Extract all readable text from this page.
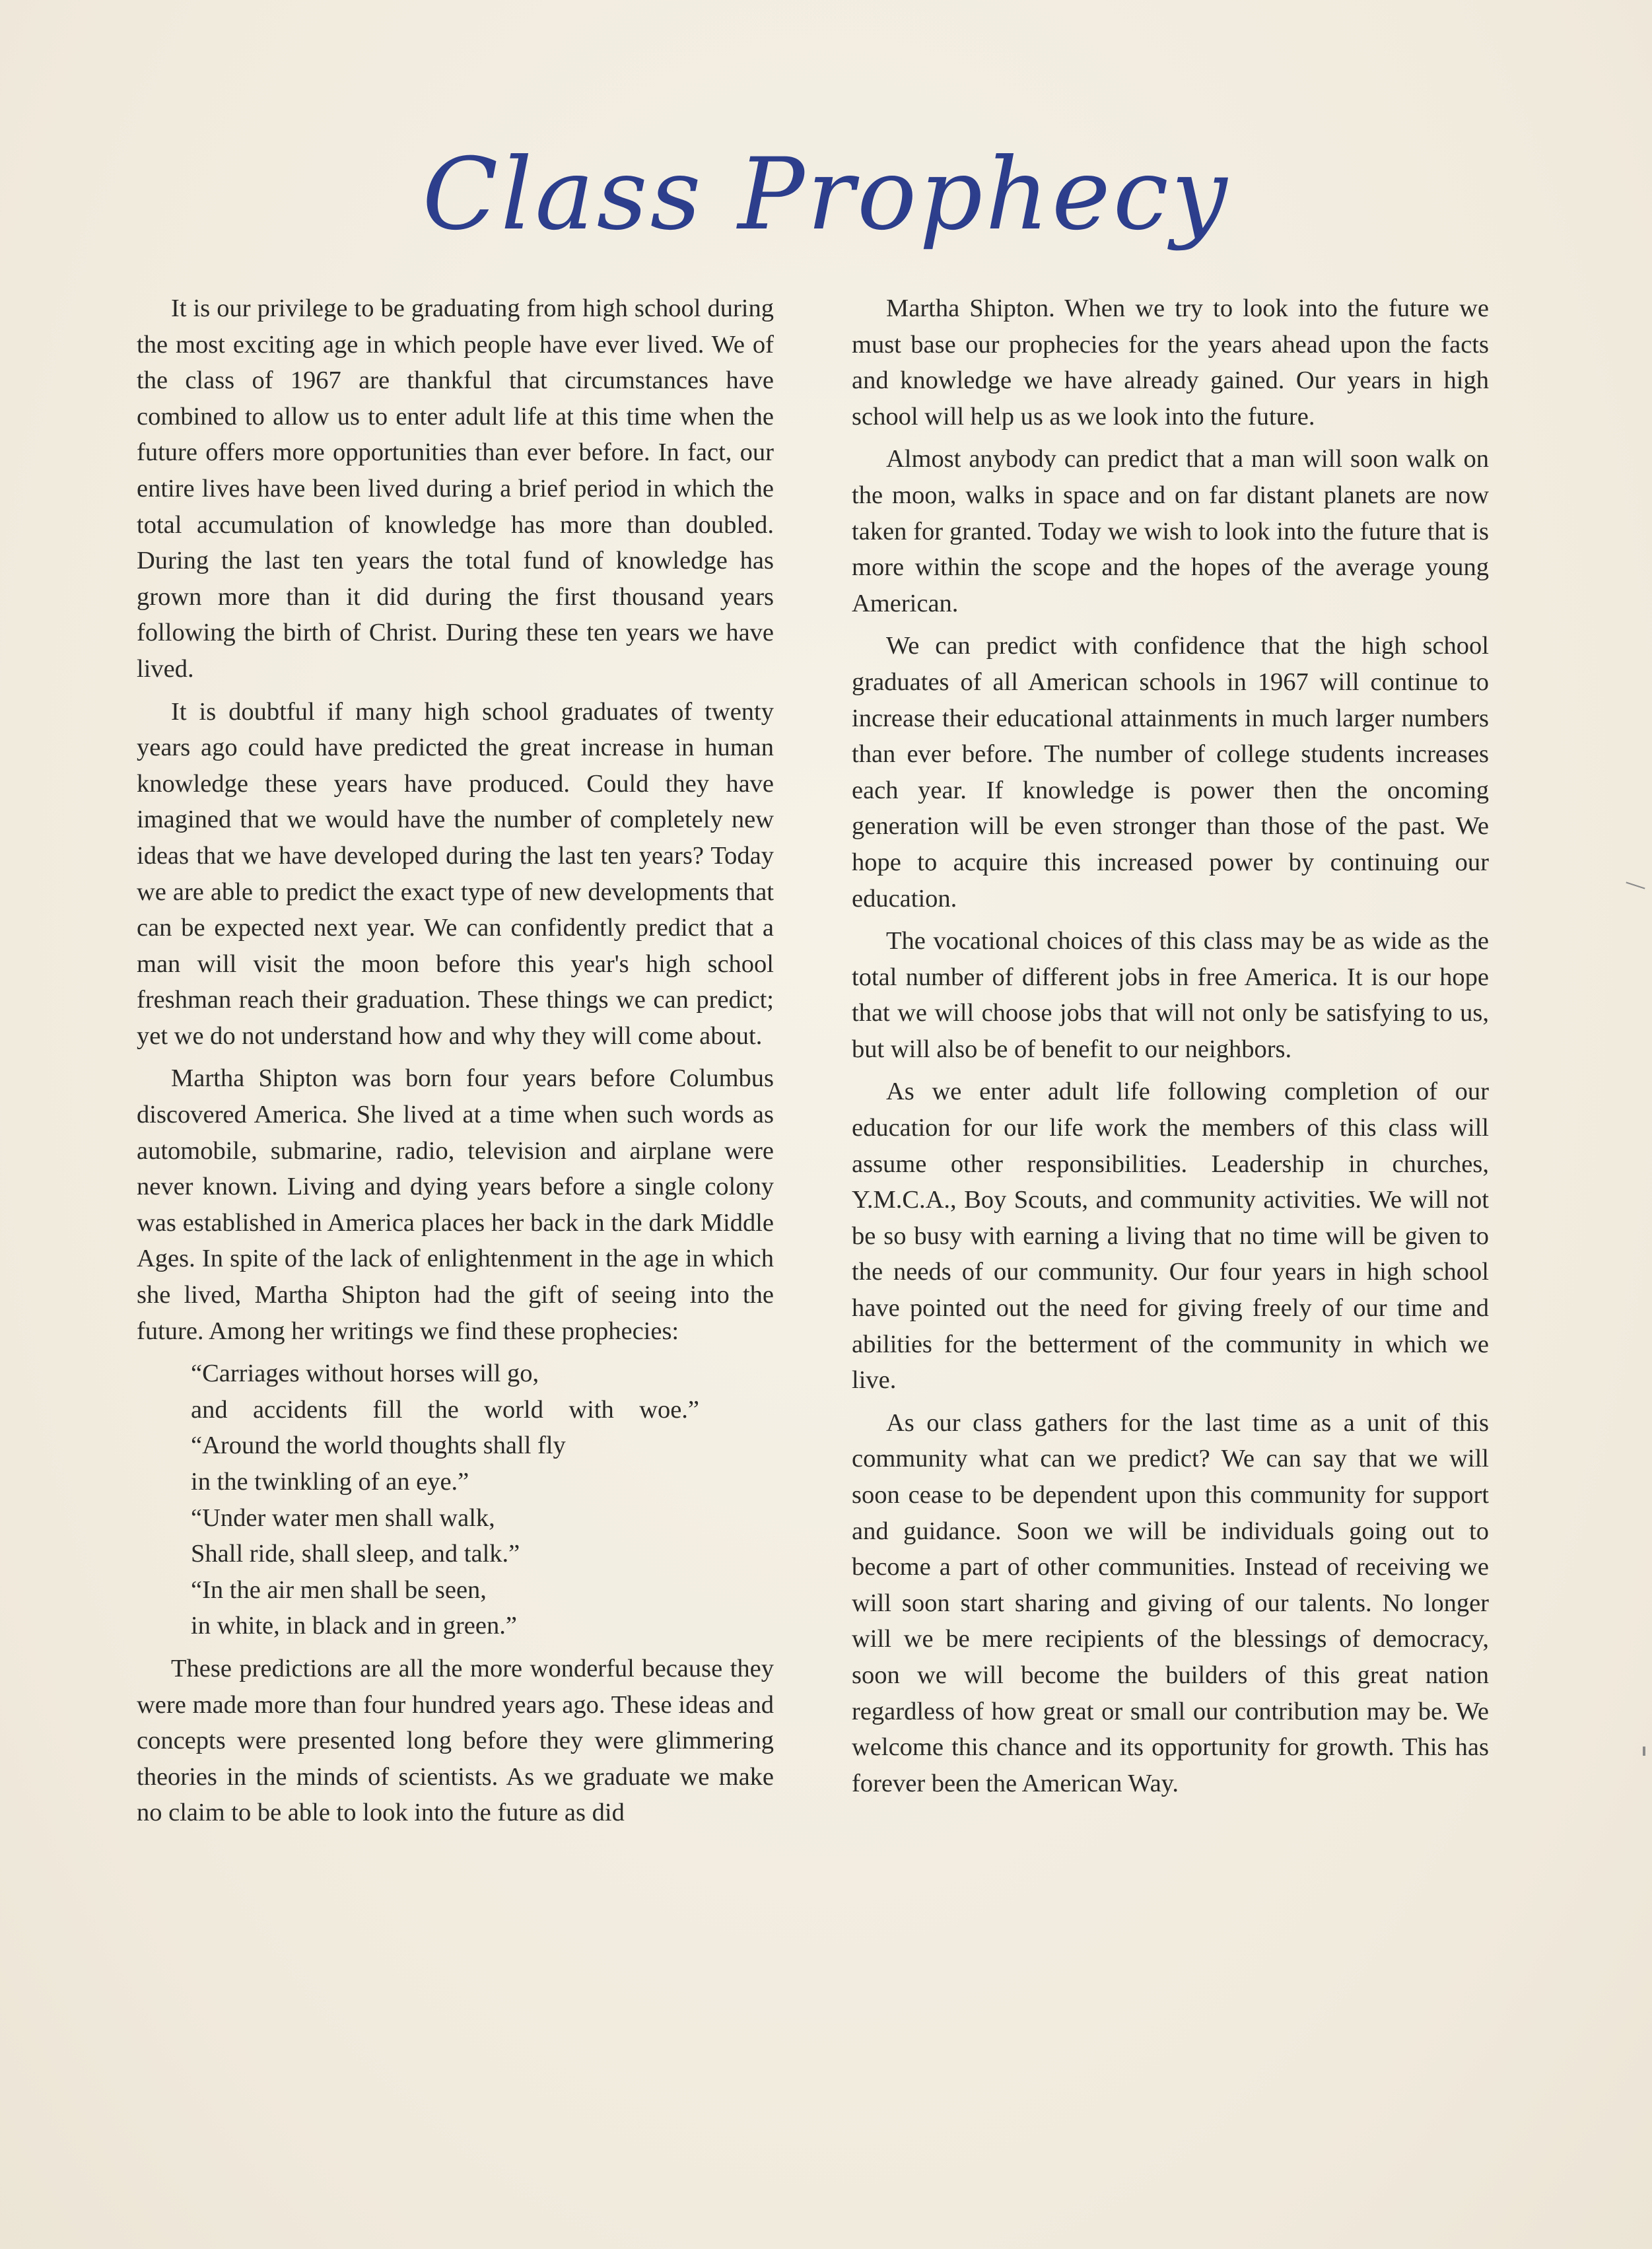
Class Prophecy

It is our privilege to be graduating from high school during the most exciting age in which people have ever lived. We of the class of 1967 are thankful that circumstances have combined to allow us to enter adult life at this time when the future offers more opportunities than ever before. In fact, our entire lives have been lived during a brief period in which the total accumulation of knowledge has more than doubled. During the last ten years the total fund of knowledge has grown more than it did during the first thousand years following the birth of Christ. During these ten years we have lived.

It is doubtful if many high school graduates of twenty years ago could have predicted the great increase in human knowledge these years have produced. Could they have imagined that we would have the number of completely new ideas that we have developed during the last ten years? Today we are able to predict the exact type of new developments that can be expected next year. We can confidently predict that a man will visit the moon before this year's high school freshman reach their graduation. These things we can predict; yet we do not understand how and why they will come about.

Martha Shipton was born four years before Columbus discovered America. She lived at a time when such words as automobile, submarine, radio, television and airplane were never known. Living and dying years before a single colony was established in America places her back in the dark Middle Ages. In spite of the lack of enlightenment in the age in which she lived, Martha Shipton had the gift of seeing into the future. Among her writings we find these prophecies:

“Carriages without horses will go,
and accidents fill the world with woe.”
“Around the world thoughts shall fly
in the twinkling of an eye.”
“Under water men shall walk,
Shall ride, shall sleep, and talk.”
“In the air men shall be seen,
in white, in black and in green.”

These predictions are all the more wonderful because they were made more than four hundred years ago. These ideas and concepts were presented long before they were glimmering theories in the minds of scientists. As we graduate we make no claim to be able to look into the future as did

Martha Shipton. When we try to look into the future we must base our prophecies for the years ahead upon the facts and knowledge we have already gained. Our years in high school will help us as we look into the future.

Almost anybody can predict that a man will soon walk on the moon, walks in space and on far distant planets are now taken for granted. Today we wish to look into the future that is more within the scope and the hopes of the average young American.

We can predict with confidence that the high school graduates of all American schools in 1967 will continue to increase their educational attainments in much larger numbers than ever before. The number of college students increases each year. If knowledge is power then the oncoming generation will be even stronger than those of the past. We hope to acquire this increased power by continuing our education.

The vocational choices of this class may be as wide as the total number of different jobs in free America. It is our hope that we will choose jobs that will not only be satisfying to us, but will also be of benefit to our neighbors.

As we enter adult life following completion of our education for our life work the members of this class will assume other responsibilities. Leadership in churches, Y.M.C.A., Boy Scouts, and community activities. We will not be so busy with earning a living that no time will be given to the needs of our community. Our four years in high school have pointed out the need for giving freely of our time and abilities for the betterment of the community in which we live.

As our class gathers for the last time as a unit of this community what can we predict? We can say that we will soon cease to be dependent upon this community for support and guidance. Soon we will be individuals going out to become a part of other communities. Instead of receiving we will soon start sharing and giving of our talents. No longer will we be mere recipients of the blessings of democracy, soon we will become the builders of this great nation regardless of how great or small our contribution may be. We welcome this chance and its opportunity for growth. This has forever been the American Way.
